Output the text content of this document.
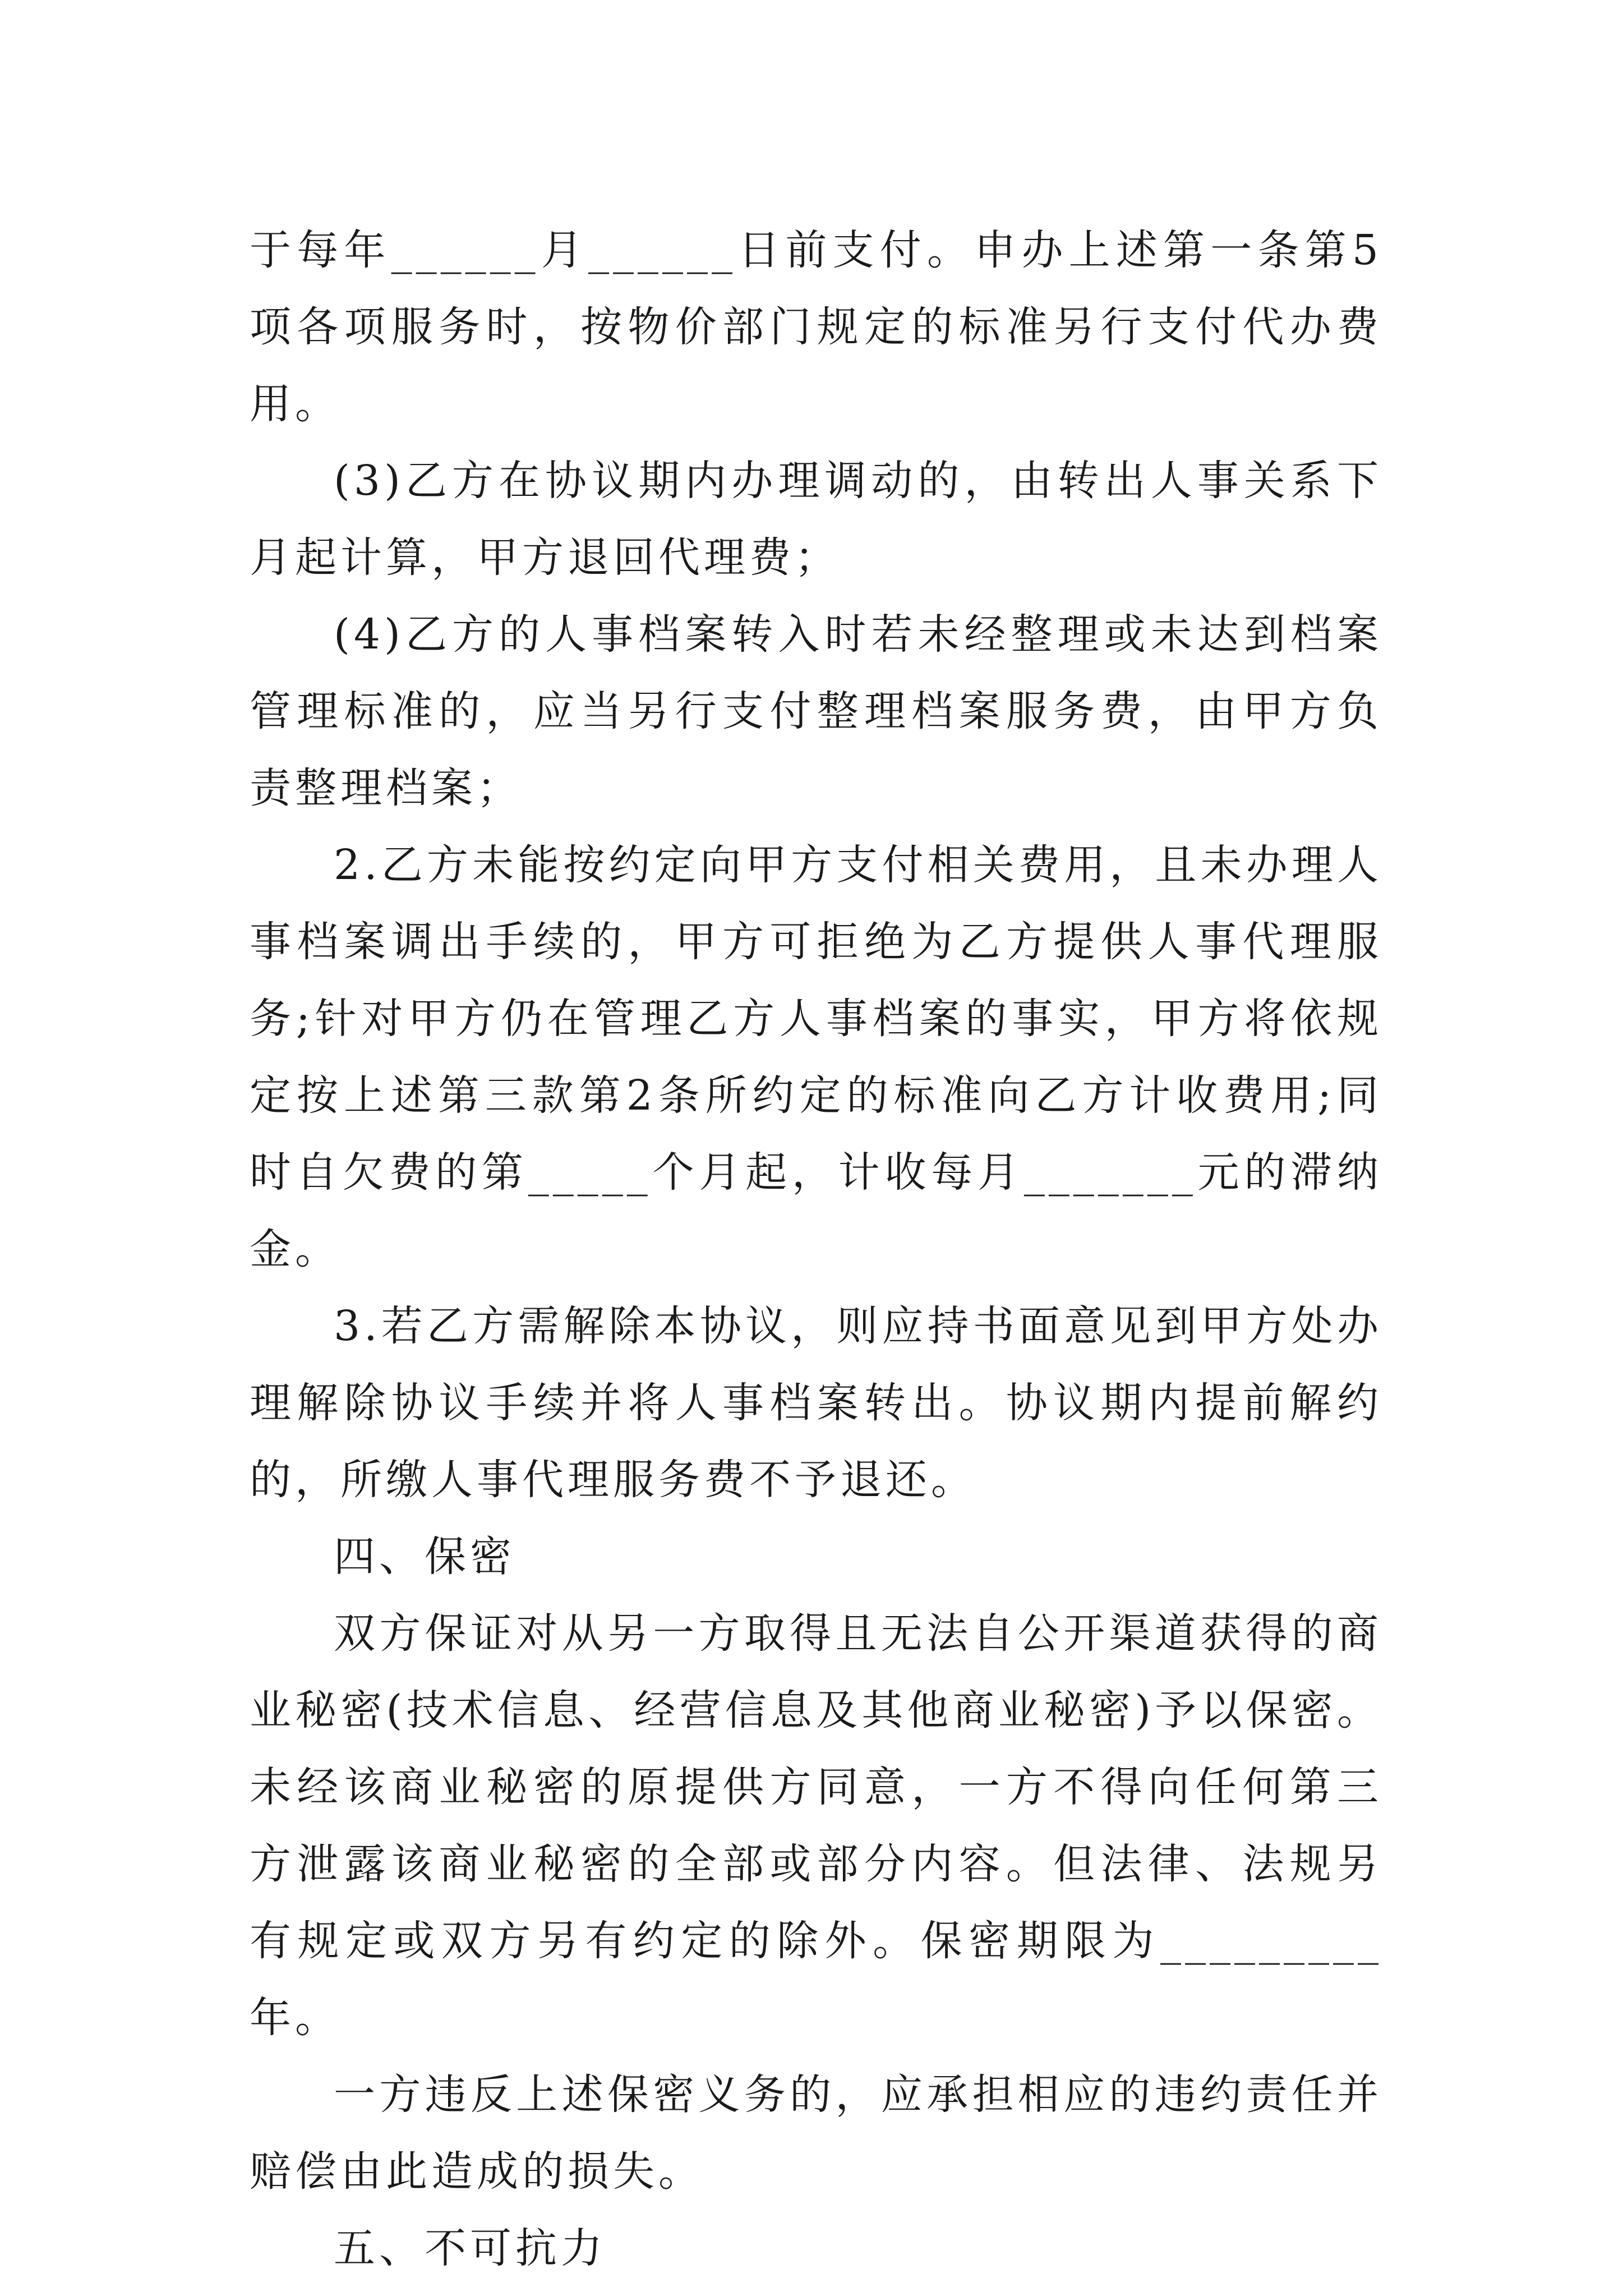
于每年______月______日前支付。申办上述第一条第5项各项服务时，按物价部门规定的标准另行支付代办费用。

(3)乙方在协议期内办理调动的，由转出人事关系下月起计算，甲方退回代理费；

(4)乙方的人事档案转入时若未经整理或未达到档案管理标准的，应当另行支付整理档案服务费，由甲方负责整理档案；

2.乙方未能按约定向甲方支付相关费用，且未办理人事档案调出手续的，甲方可拒绝为乙方提供人事代理服务;针对甲方仍在管理乙方人事档案的事实，甲方将依规定按上述第三款第2条所约定的标准向乙方计收费用;同时自欠费的第_____个月起，计收每月_______元的滞纳金。

3.若乙方需解除本协议，则应持书面意见到甲方处办理解除协议手续并将人事档案转出。协议期内提前解约的，所缴人事代理服务费不予退还。

四、保密

双方保证对从另一方取得且无法自公开渠道获得的商业秘密(技术信息、经营信息及其他商业秘密)予以保密。未经该商业秘密的原提供方同意，一方不得向任何第三方泄露该商业秘密的全部或部分内容。但法律、法规另有规定或双方另有约定的除外。保密期限为_________年。

一方违反上述保密义务的，应承担相应的违约责任并赔偿由此造成的损失。

五、不可抗力
